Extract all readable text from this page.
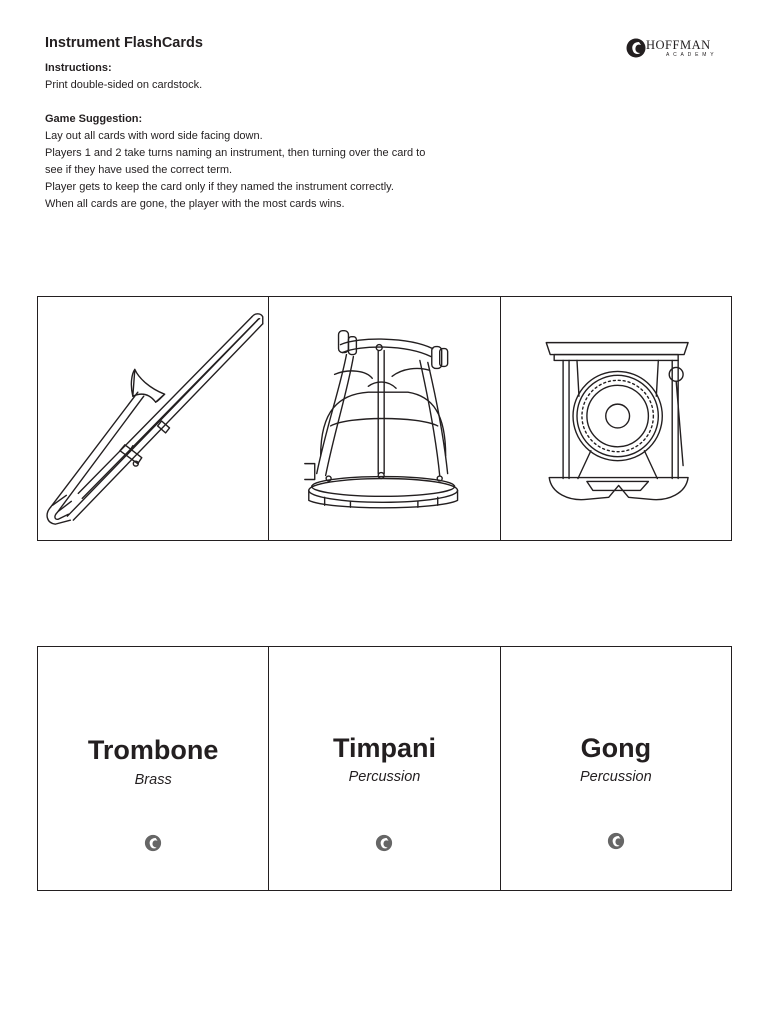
Instrument FlashCards	HOFFMAN
ACADEMY
Instructions:
Print double-sided on cardstock.
Game Suggestion:
Lay out all cards with word side facing down.
Players 1 and 2 take turns naming an instrument, then turning over the card to
see if they have used the correct term.
Player gets to keep the card only if they named the instrument correctly.
When all cards are gone, the player with the most cards wins.
Trombone
Brass
Timpani
Percussion
Gong
Percussion
